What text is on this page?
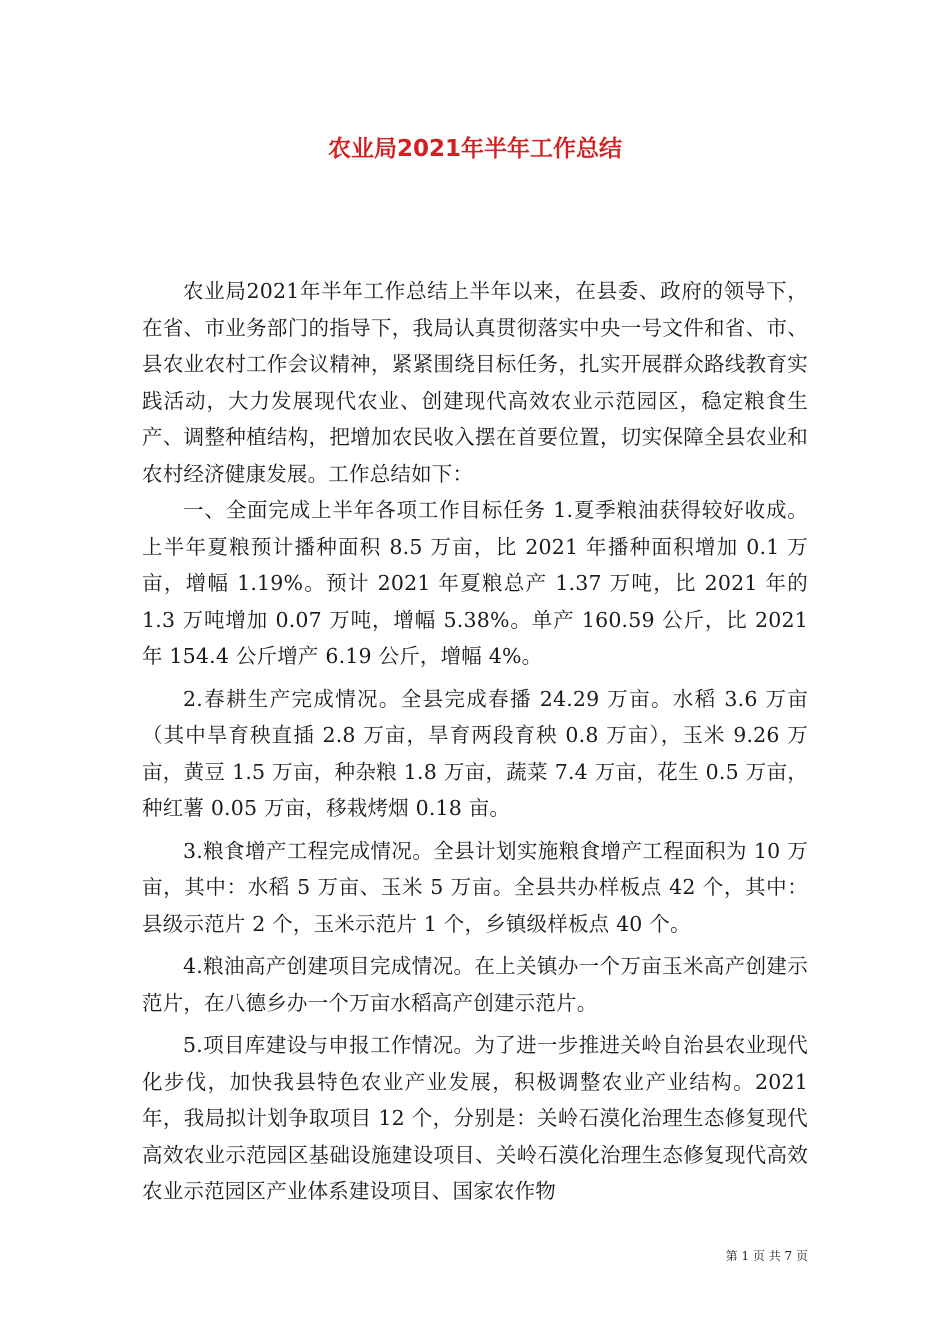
农业局2021年半年工作总结

农业局2021年半年工作总结上半年以来，在县委、政府的领导下，在省、市业务部门的指导下，我局认真贯彻落实中央一号文件和省、市、县农业农村工作会议精神，紧紧围绕目标任务，扎实开展群众路线教育实践活动，大力发展现代农业、创建现代高效农业示范园区，稳定粮食生产、调整种植结构，把增加农民收入摆在首要位置，切实保障全县农业和农村经济健康发展。工作总结如下：

一、全面完成上半年各项工作目标任务 1.夏季粮油获得较好收成。上半年夏粮预计播种面积 8.5 万亩，比 2021 年播种面积增加 0.1 万亩，增幅 1.19%。预计 2021 年夏粮总产 1.37 万吨，比 2021 年的 1.3 万吨增加 0.07 万吨，增幅 5.38%。单产 160.59 公斤，比 2021 年 154.4 公斤增产 6.19 公斤，增幅 4%。

2.春耕生产完成情况。全县完成春播 24.29 万亩。水稻 3.6 万亩（其中旱育秧直插 2.8 万亩，旱育两段育秧 0.8 万亩），玉米 9.26 万亩，黄豆 1.5 万亩，种杂粮 1.8 万亩，蔬菜 7.4 万亩，花生 0.5 万亩，种红薯 0.05 万亩，移栽烤烟 0.18 亩。

3.粮食增产工程完成情况。全县计划实施粮食增产工程面积为 10 万亩，其中：水稻 5 万亩、玉米 5 万亩。全县共办样板点 42 个，其中：县级示范片 2 个，玉米示范片 1 个，乡镇级样板点 40 个。

4.粮油高产创建项目完成情况。在上关镇办一个万亩玉米高产创建示范片，在八德乡办一个万亩水稻高产创建示范片。

5.项目库建设与申报工作情况。为了进一步推进关岭自治县农业现代化步伐，加快我县特色农业产业发展，积极调整农业产业结构。2021 年，我局拟计划争取项目 12 个，分别是：关岭石漠化治理生态修复现代高效农业示范园区基础设施建设项目、关岭石漠化治理生态修复现代高效农业示范园区产业体系建设项目、国家农作物

第 1 页 共 7 页
